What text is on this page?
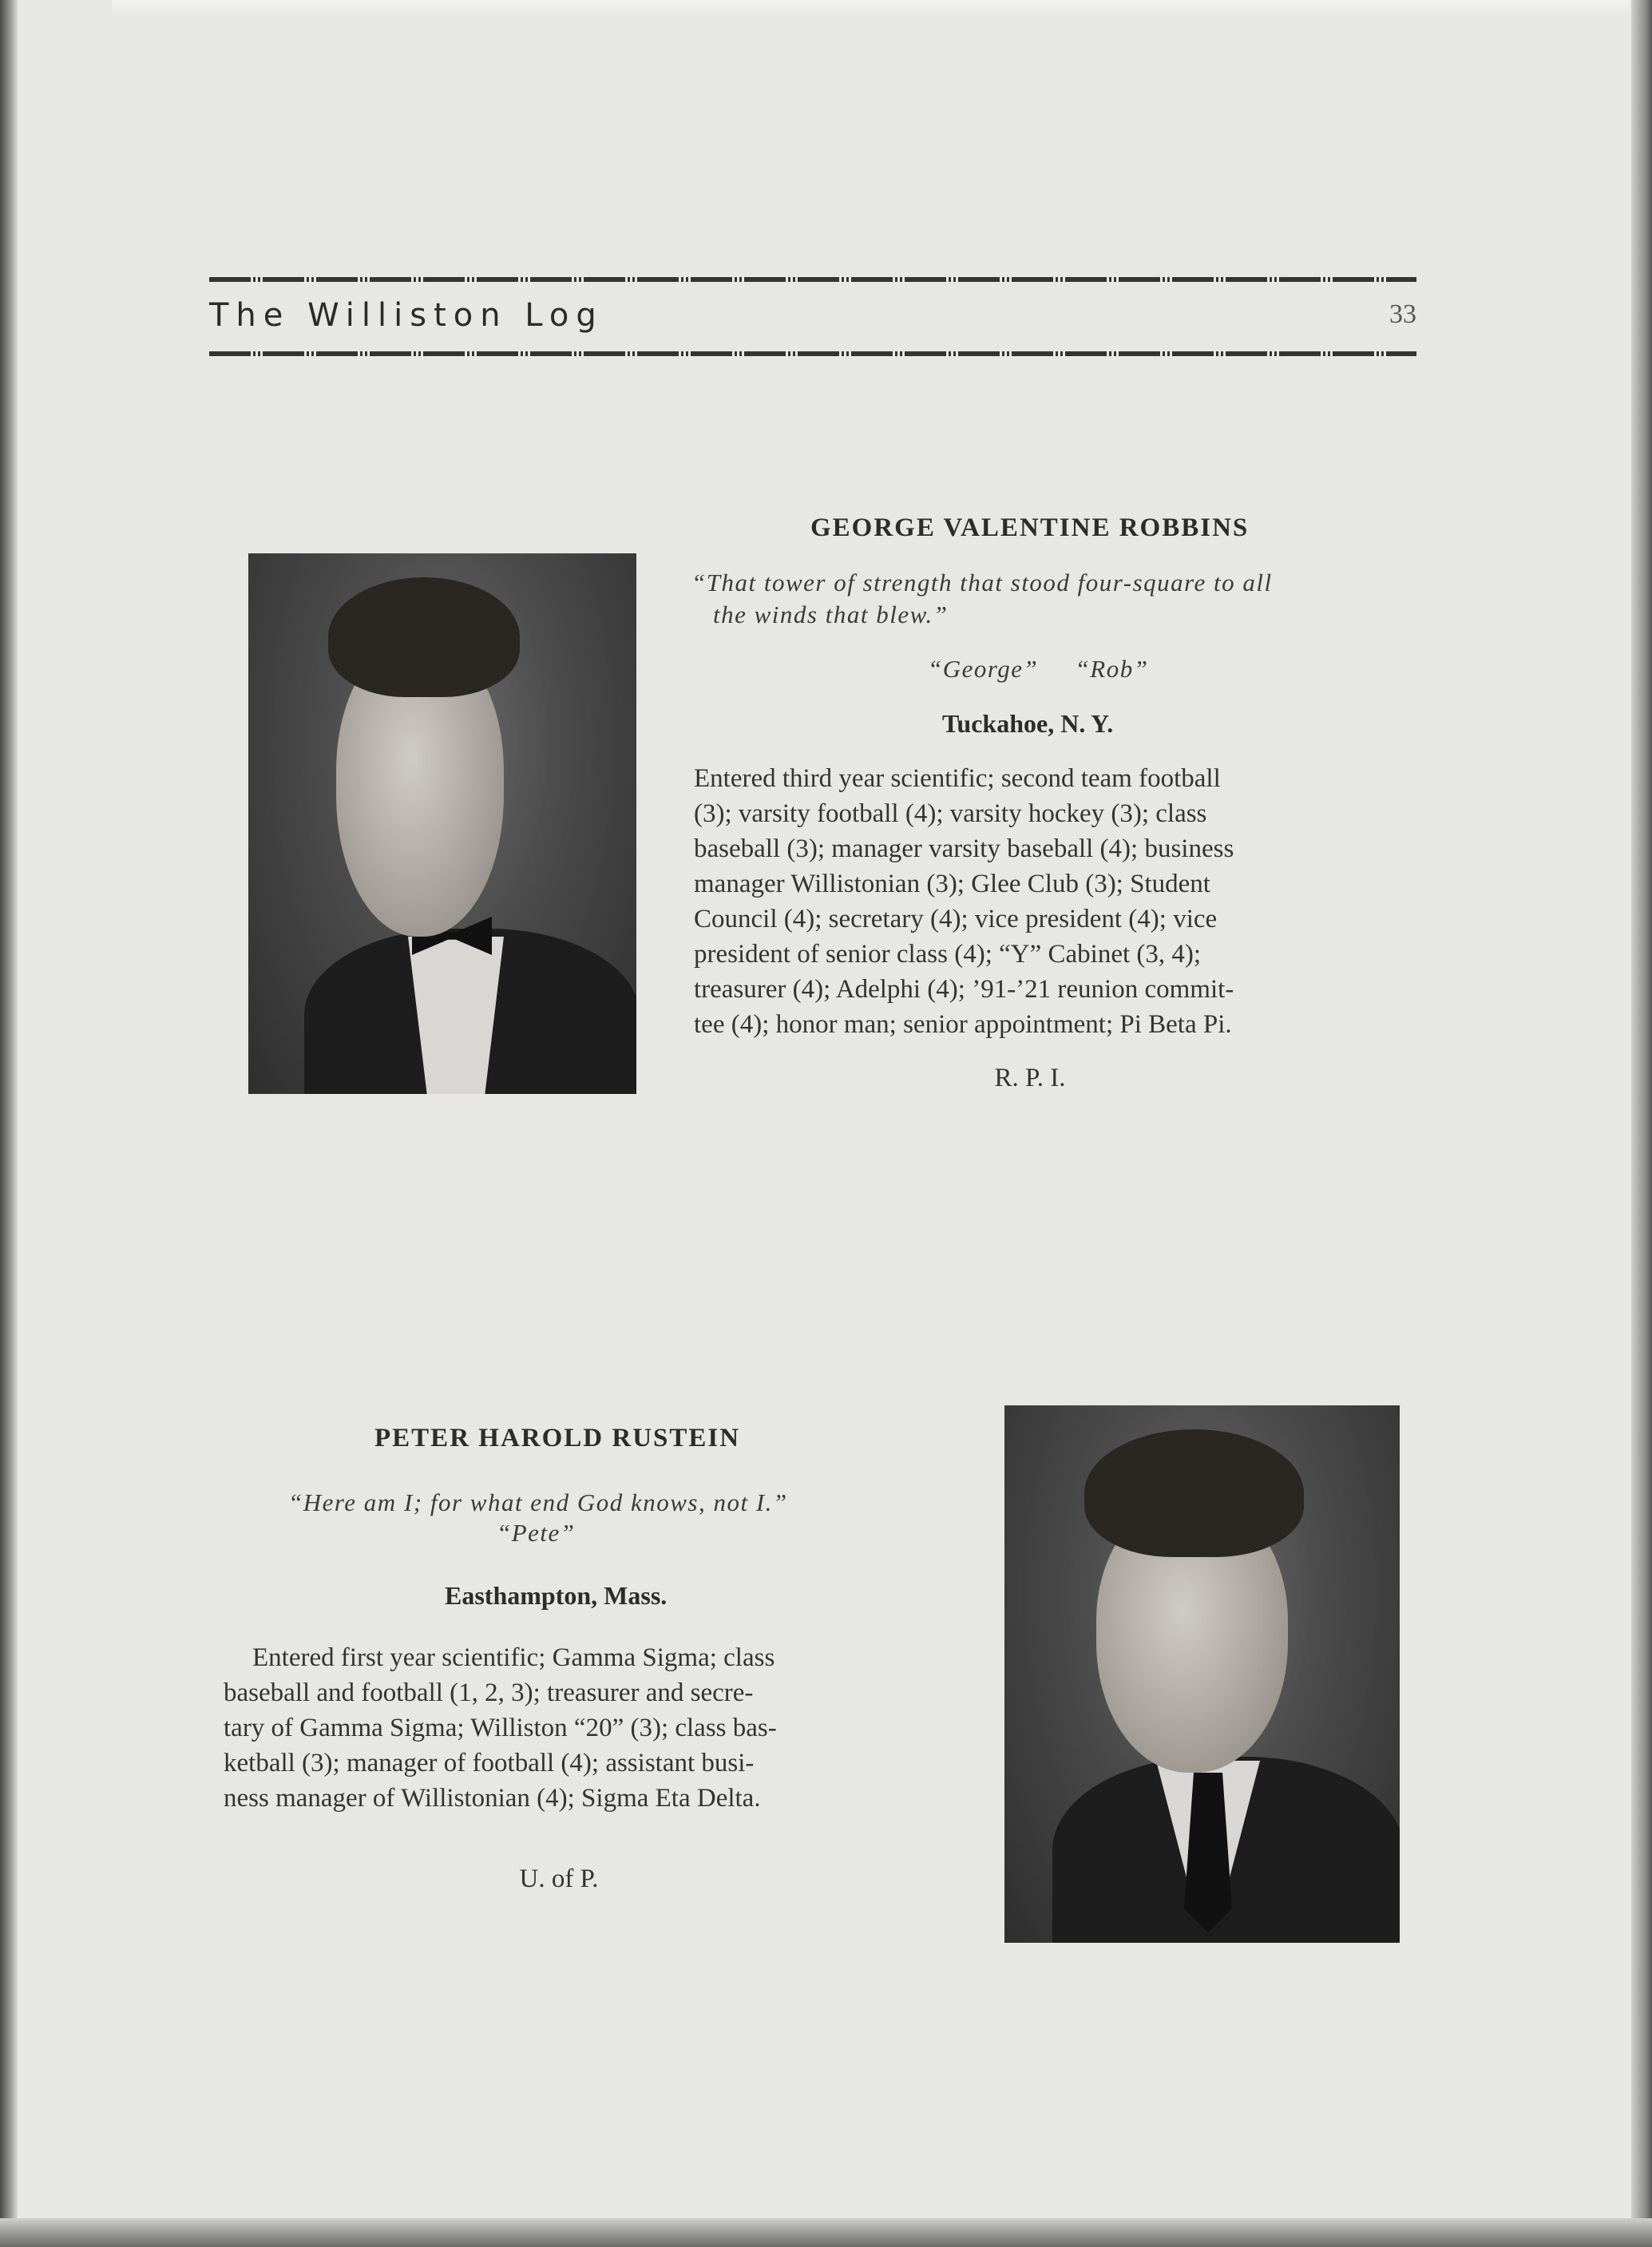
The Williston Log	33
GEORGE VALENTINE ROBBINS
“That tower of strength that stood four-square to all
the winds that blew.”
“George”     “Rob”
Tuckahoe, N. Y.
Entered third year scientific; second team football
(3); varsity football (4); varsity hockey (3); class
baseball (3); manager varsity baseball (4); business
manager Willistonian (3); Glee Club (3); Student
Council (4); secretary (4); vice president (4); vice
president of senior class (4); “Y” Cabinet (3, 4);
treasurer (4); Adelphi (4); ’91-’21 reunion commit-
tee (4); honor man; senior appointment; Pi Beta Pi.
R. P. I.
PETER HAROLD RUSTEIN
“Here am I; for what end God knows, not I.”
“Pete”
Easthampton, Mass.
Entered first year scientific; Gamma Sigma; class
baseball and football (1, 2, 3); treasurer and secre-
tary of Gamma Sigma; Williston “20” (3); class bas-
ketball (3); manager of football (4); assistant busi-
ness manager of Willistonian (4); Sigma Eta Delta.
U. of P.
